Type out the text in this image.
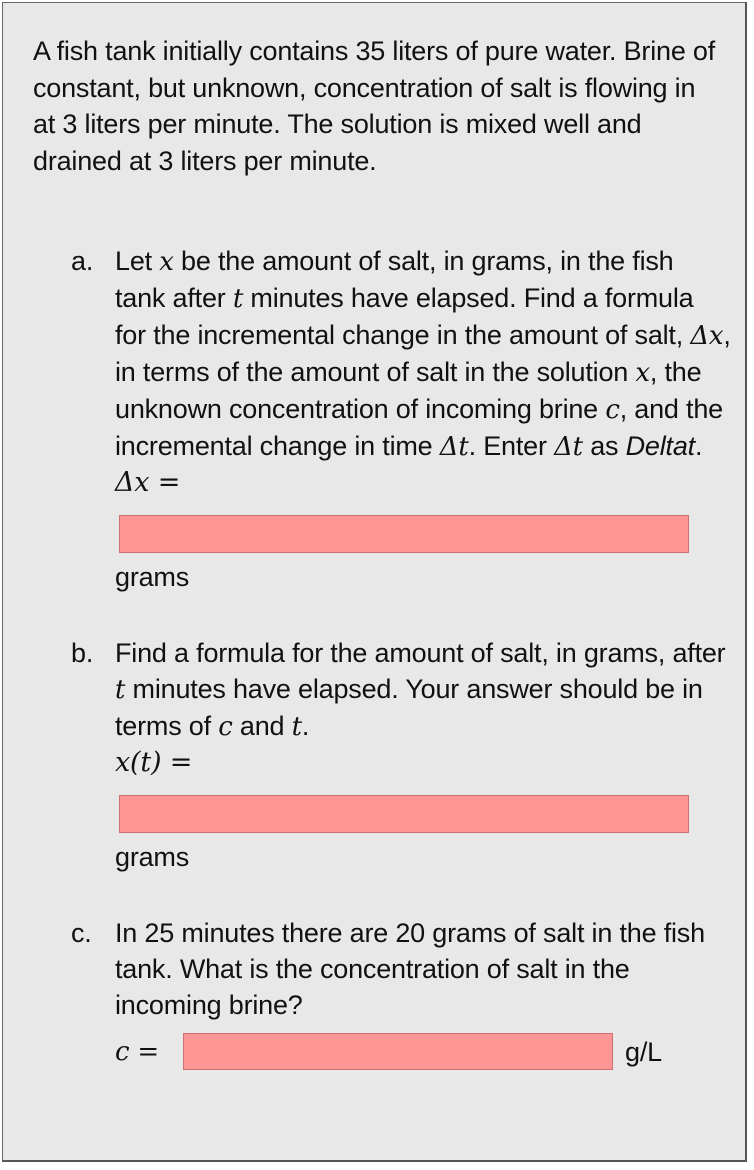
A fish tank initially contains 35 liters of pure water. Brine of constant, but unknown, concentration of salt is flowing in at 3 liters per minute. The solution is mixed well and drained at 3 liters per minute.
a. Let x be the amount of salt, in grams, in the fish tank after t minutes have elapsed. Find a formula for the incremental change in the amount of salt, Δx, in terms of the amount of salt in the solution x, the unknown concentration of incoming brine c, and the incremental change in time Δt. Enter Δt as Deltat.
Δx =
grams
b. Find a formula for the amount of salt, in grams, after t minutes have elapsed. Your answer should be in terms of c and t.
x(t) =
grams
c. In 25 minutes there are 20 grams of salt in the fish tank. What is the concentration of salt in the incoming brine?
c =	g/L
